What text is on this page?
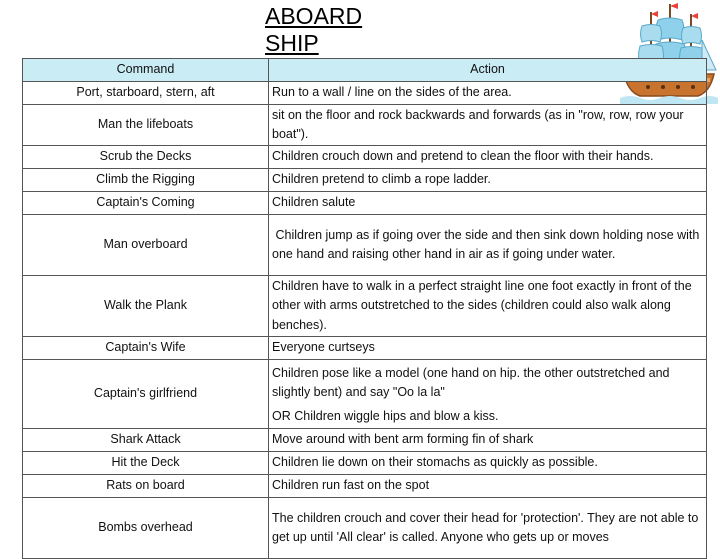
ABOARD
SHIP
Command	Action
Port, starboard, stern, aft	Run to a wall / line on the sides of the area.
Man the lifeboats	sit on the floor and rock backwards and forwards (as in "row, row, row your boat").
Scrub the Decks	Children crouch down and pretend to clean the floor with their hands.
Climb the Rigging	Children pretend to climb a rope ladder.
Captain's Coming	Children salute
Man overboard	Children jump as if going over the side and then sink down holding nose with one hand and raising other hand in air as if going under water.
Walk the Plank	Children have to walk in a perfect straight line one foot exactly in front of the other with arms outstretched to the sides (children could also walk along benches).
Captain's Wife	Everyone curtseys
Captain's girlfriend	Children pose like a model (one hand on hip. the other outstretched and slightly bent) and say "Oo la la"
	OR Children wiggle hips and blow a kiss.
Shark Attack	Move around with bent arm forming fin of shark
Hit the Deck	Children lie down on their stomachs as quickly as possible.
Rats on board	Children run fast on the spot
Bombs overhead	The children crouch and cover their head for 'protection'. They are not able to get up until 'All clear' is called. Anyone who gets up or moves
